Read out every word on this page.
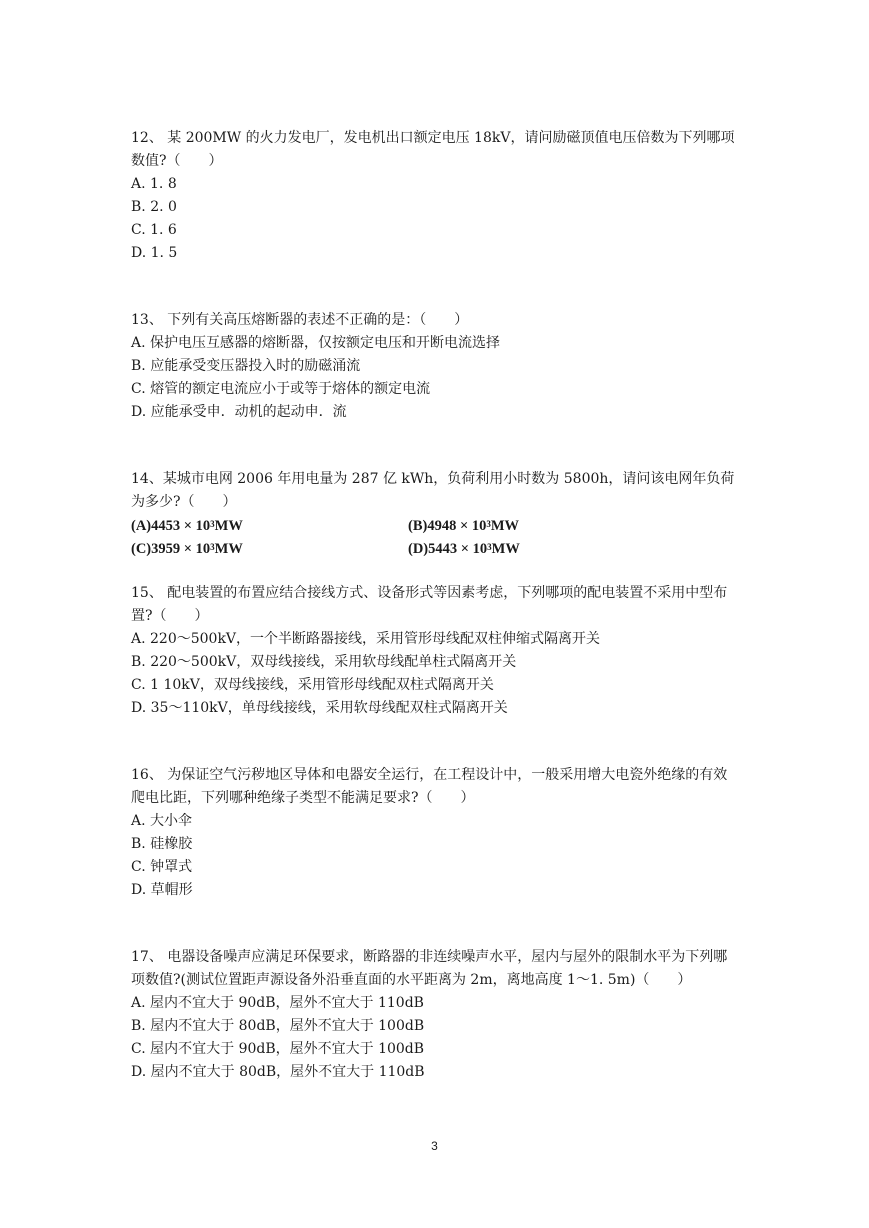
12、 某 200MW 的火力发电厂，发电机出口额定电压 18kV，请问励磁顶值电压倍数为下列哪项数值?（　　）

A. 1. 8

B. 2. 0

C. 1. 6

D. 1. 5

13、 下列有关高压熔断器的表述不正确的是：（　　）

A. 保护电压互感器的熔断器，仅按额定电压和开断电流选择

B. 应能承受变压器投入时的励磁涌流

C. 熔管的额定电流应小于或等于熔体的额定电流

D. 应能承受申．动机的起动申．流

14、某城市电网 2006 年用电量为 287 亿 kWh，负荷利用小时数为 5800h，请问该电网年负荷为多少?（　　）

$(A)4453 \times 10^3MW$	$(B)4948 \times 10^3MW$
$(C)3959 \times 10^3MW$	$(D)5443 \times 10^3MW$

15、 配电装置的布置应结合接线方式、设备形式等因素考虑，下列哪项的配电装置不采用中型布置?（　　）

A. 220～500kV，一个半断路器接线，采用管形母线配双柱伸缩式隔离开关

B. 220～500kV，双母线接线，采用软母线配单柱式隔离开关

C. 1 10kV，双母线接线，采用管形母线配双柱式隔离开关

D. 35～110kV，单母线接线，采用软母线配双柱式隔离开关

16、 为保证空气污秽地区导体和电器安全运行，在工程设计中，一般采用增大电瓷外绝缘的有效爬电比距，下列哪种绝缘子类型不能满足要求?（　　）

A. 大小伞

B. 硅橡胶

C. 钟罩式

D. 草帽形

17、 电器设备噪声应满足环保要求，断路器的非连续噪声水平，屋内与屋外的限制水平为下列哪项数值?(测试位置距声源设备外沿垂直面的水平距离为 2m，离地高度 1～1. 5m)（　　）

A. 屋内不宜大于 90dB，屋外不宜大于 110dB

B. 屋内不宜大于 80dB，屋外不宜大于 100dB

C. 屋内不宜大于 90dB，屋外不宜大于 100dB

D. 屋内不宜大于 80dB，屋外不宜大于 110dB

3
